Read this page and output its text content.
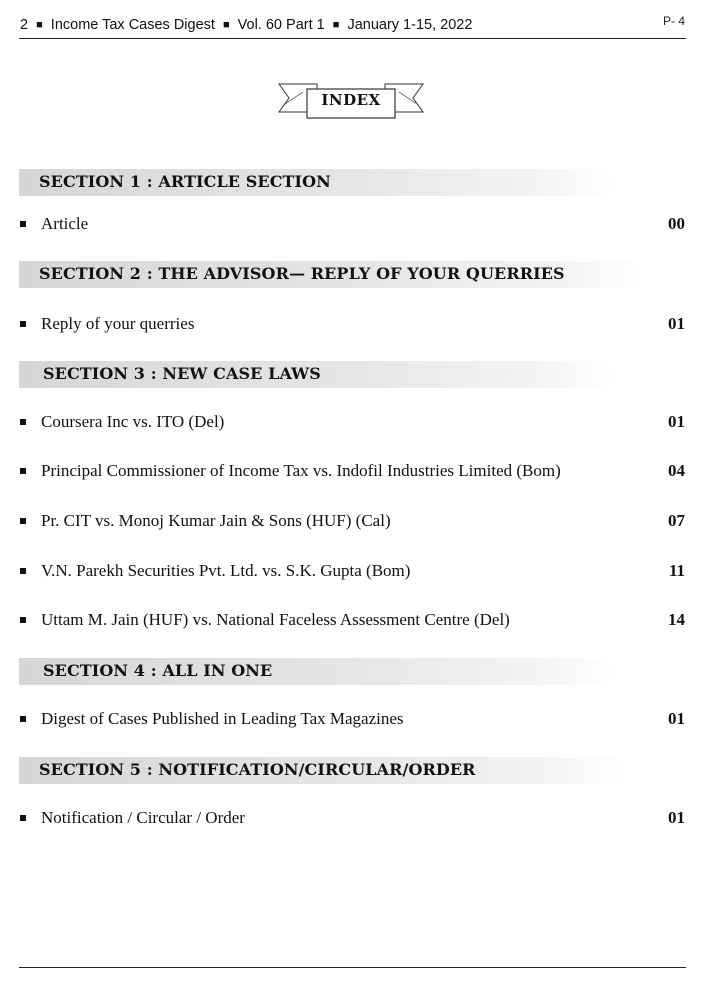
2 ■ Income Tax Cases Digest ■ Vol. 60 Part 1 ■ January 1-15, 2022	P- 4
INDEX
SECTION 1 : ARTICLE SECTION
Article	00
SECTION 2 : THE ADVISOR— REPLY OF YOUR QUERRIES
Reply of your querries	01
SECTION 3 : NEW CASE LAWS
Coursera Inc vs. ITO (Del)	01
Principal Commissioner of Income Tax vs. Indofil Industries Limited (Bom)	04
Pr. CIT vs. Monoj Kumar Jain & Sons (HUF) (Cal)	07
V.N. Parekh Securities Pvt. Ltd. vs. S.K. Gupta (Bom)	11
Uttam M. Jain (HUF) vs. National Faceless Assessment Centre (Del)	14
SECTION 4 : ALL IN ONE
Digest of Cases Published in Leading Tax Magazines	01
SECTION 5 : NOTIFICATION/CIRCULAR/ORDER
Notification / Circular / Order	01
